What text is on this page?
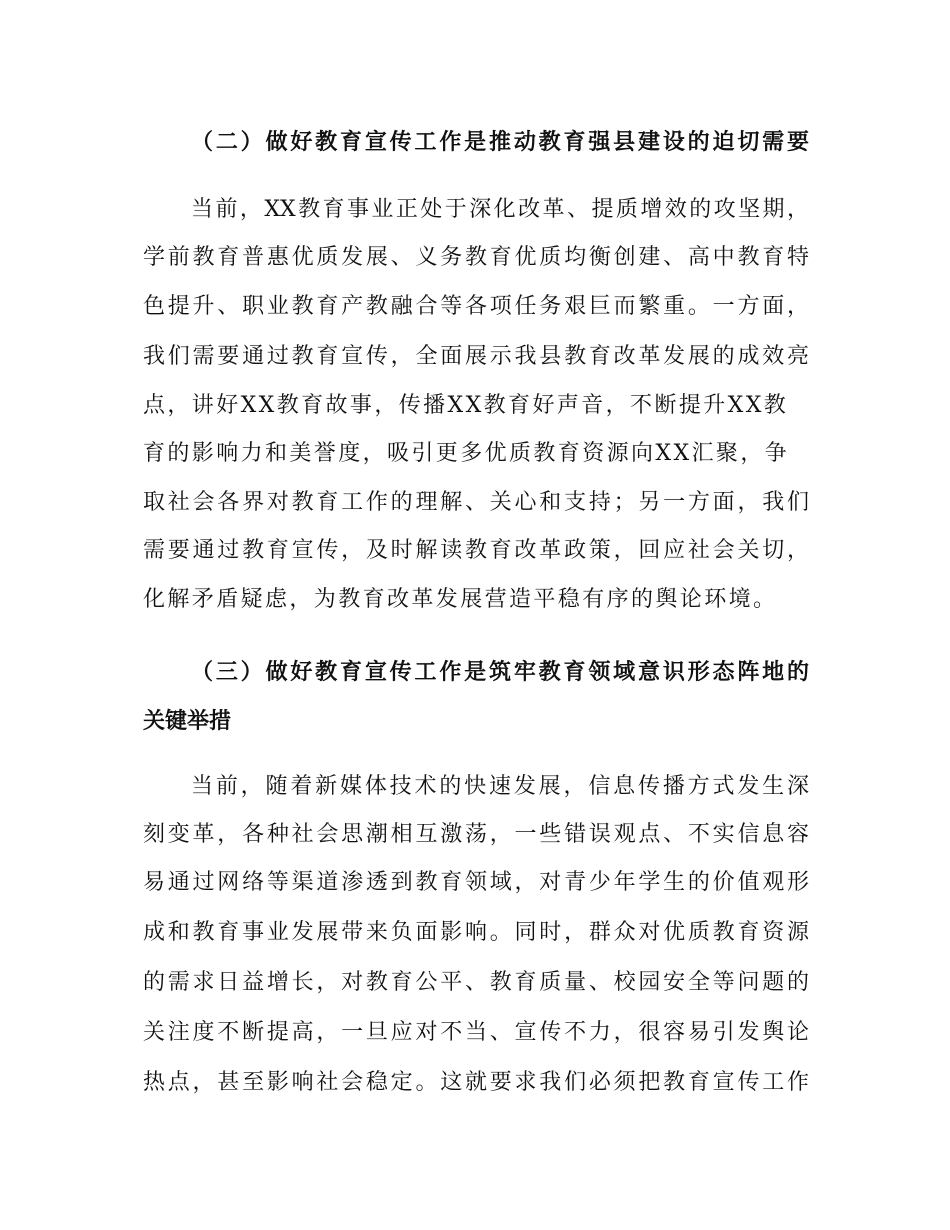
（二）做好教育宣传工作是推动教育强县建设的迫切需要
当前，XX教育事业正处于深化改革、提质增效的攻坚期，
学前教育普惠优质发展、义务教育优质均衡创建、高中教育特
色提升、职业教育产教融合等各项任务艰巨而繁重。一方面，
我们需要通过教育宣传，全面展示我县教育改革发展的成效亮
点，讲好XX教育故事，传播XX教育好声音，不断提升XX教
育的影响力和美誉度，吸引更多优质教育资源向XX汇聚，争
取社会各界对教育工作的理解、关心和支持；另一方面，我们
需要通过教育宣传，及时解读教育改革政策，回应社会关切，
化解矛盾疑虑，为教育改革发展营造平稳有序的舆论环境。
（三）做好教育宣传工作是筑牢教育领域意识形态阵地的
关键举措
当前，随着新媒体技术的快速发展，信息传播方式发生深
刻变革，各种社会思潮相互激荡，一些错误观点、不实信息容
易通过网络等渠道渗透到教育领域，对青少年学生的价值观形
成和教育事业发展带来负面影响。同时，群众对优质教育资源
的需求日益增长，对教育公平、教育质量、校园安全等问题的
关注度不断提高，一旦应对不当、宣传不力，很容易引发舆论
热点，甚至影响社会稳定。这就要求我们必须把教育宣传工作
